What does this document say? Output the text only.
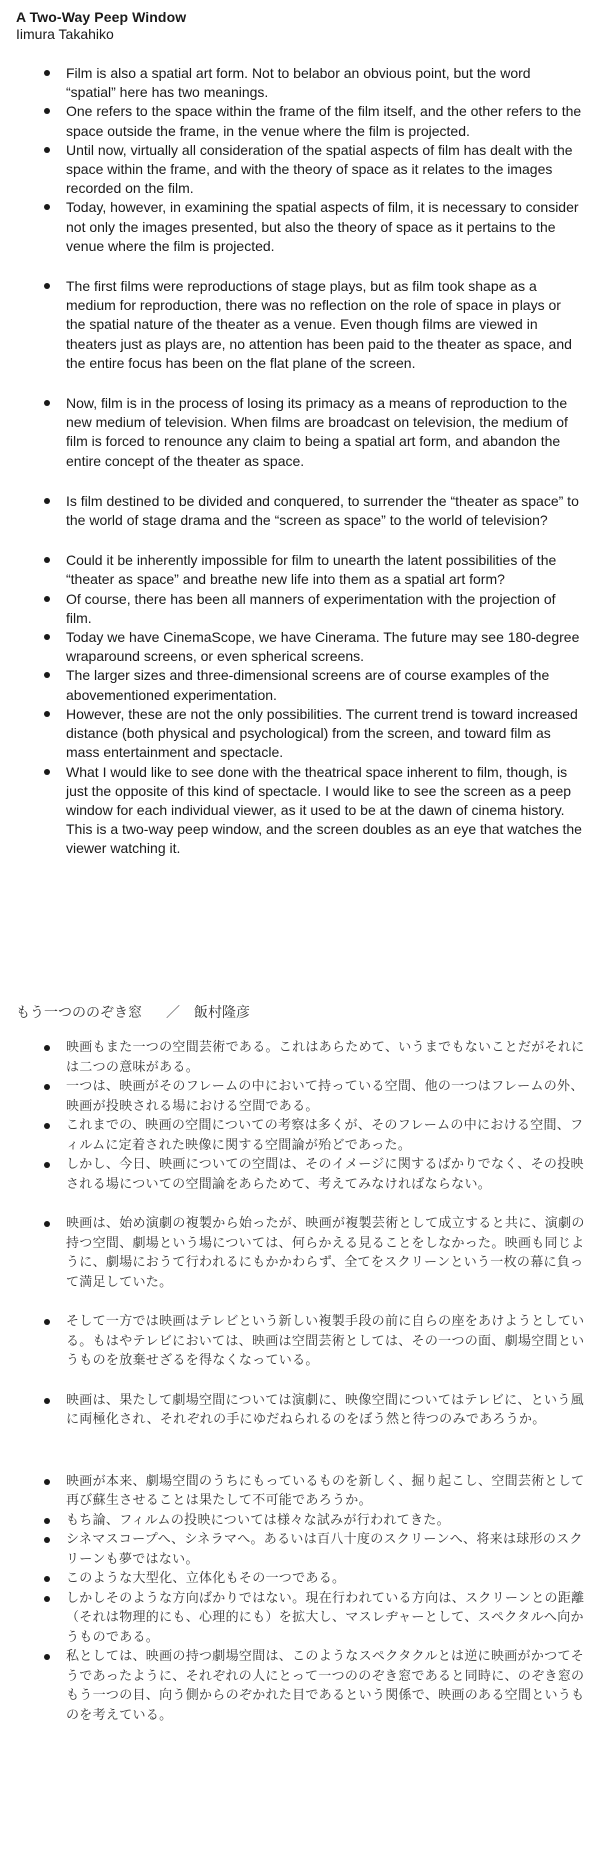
A Two-Way Peep Window
Iimura Takahiko
Film is also a spatial art form. Not to belabor an obvious point, but the word “spatial” here has two meanings.
One refers to the space within the frame of the film itself, and the other refers to the space outside the frame, in the venue where the film is projected.
Until now, virtually all consideration of the spatial aspects of film has dealt with the space within the frame, and with the theory of space as it relates to the images recorded on the film.
Today, however, in examining the spatial aspects of film, it is necessary to consider not only the images presented, but also the theory of space as it pertains to the venue where the film is projected.
The first films were reproductions of stage plays, but as film took shape as a medium for reproduction, there was no reflection on the role of space in plays or the spatial nature of the theater as a venue. Even though films are viewed in theaters just as plays are, no attention has been paid to the theater as space, and the entire focus has been on the flat plane of the screen.
Now, film is in the process of losing its primacy as a means of reproduction to the new medium of television. When films are broadcast on television, the medium of film is forced to renounce any claim to being a spatial art form, and abandon the entire concept of the theater as space.
Is film destined to be divided and conquered, to surrender the “theater as space” to the world of stage drama and the “screen as space” to the world of television?
Could it be inherently impossible for film to unearth the latent possibilities of the “theater as space” and breathe new life into them as a spatial art form?
Of course, there has been all manners of experimentation with the projection of film.
Today we have CinemaScope, we have Cinerama. The future may see 180-degree wraparound screens, or even spherical screens.
The larger sizes and three-dimensional screens are of course examples of the abovementioned experimentation.
However, these are not the only possibilities. The current trend is toward increased distance (both physical and psychological) from the screen, and toward film as mass entertainment and spectacle.
What I would like to see done with the theatrical space inherent to film, though, is just the opposite of this kind of spectacle. I would like to see the screen as a peep window for each individual viewer, as it used to be at the dawn of cinema history. This is a two-way peep window, and the screen doubles as an eye that watches the viewer watching it.
もう一つののぞき窓 ／ 飯村隆彦
映画もまた一つの空間芸術である。これはあらためて、いうまでもないことだがそれには二つの意味がある。
一つは、映画がそのフレームの中において持っている空間、他の一つはフレームの外、映画が投映される場における空間である。
これまでの、映画の空間についての考察は多くが、そのフレームの中における空間、フィルムに定着された映像に関する空間論が殆どであった。
しかし、今日、映画についての空間は、そのイメージに関するばかりでなく、その投映される場についての空間論をあらためて、考えてみなければならない。
映画は、始め演劇の複製から始ったが、映画が複製芸術として成立すると共に、演劇の持つ空間、劇場という場については、何らかえる見ることをしなかった。映画も同じように、劇場におうて行われるにもかかわらず、全てをスクリーンという一枚の幕に負って満足していた。
そして一方では映画はテレビという新しい複製手段の前に自らの座をあけようとしている。もはやテレビにおいては、映画は空間芸術としては、その一つの面、劇場空間というものを放棄せざるを得なくなっている。
映画は、果たして劇場空間については演劇に、映像空間についてはテレビに、という風に両極化され、それぞれの手にゆだねられるのをぼう然と待つのみであろうか。
映画が本来、劇場空間のうちにもっているものを新しく、掘り起こし、空間芸術として再び蘇生させることは果たして不可能であろうか。
もち論、フィルムの投映については様々な試みが行われてきた。
シネマスコープへ、シネラマへ。あるいは百八十度のスクリーンへ、将来は球形のスクリーンも夢ではない。
このような大型化、立体化もその一つである。
しかしそのような方向ばかりではない。現在行われている方向は、スクリーンとの距離（それは物理的にも、心理的にも）を拡大し、マスレヂャーとして、スペクタルへ向かうものである。
私としては、映画の持つ劇場空間は、このようなスペクタクルとは逆に映画がかつてそうであったように、それぞれの人にとって一つののぞき窓であると同時に、のぞき窓のもう一つの目、向う側からのぞかれた目であるという関係で、映画のある空間というものを考えている。
